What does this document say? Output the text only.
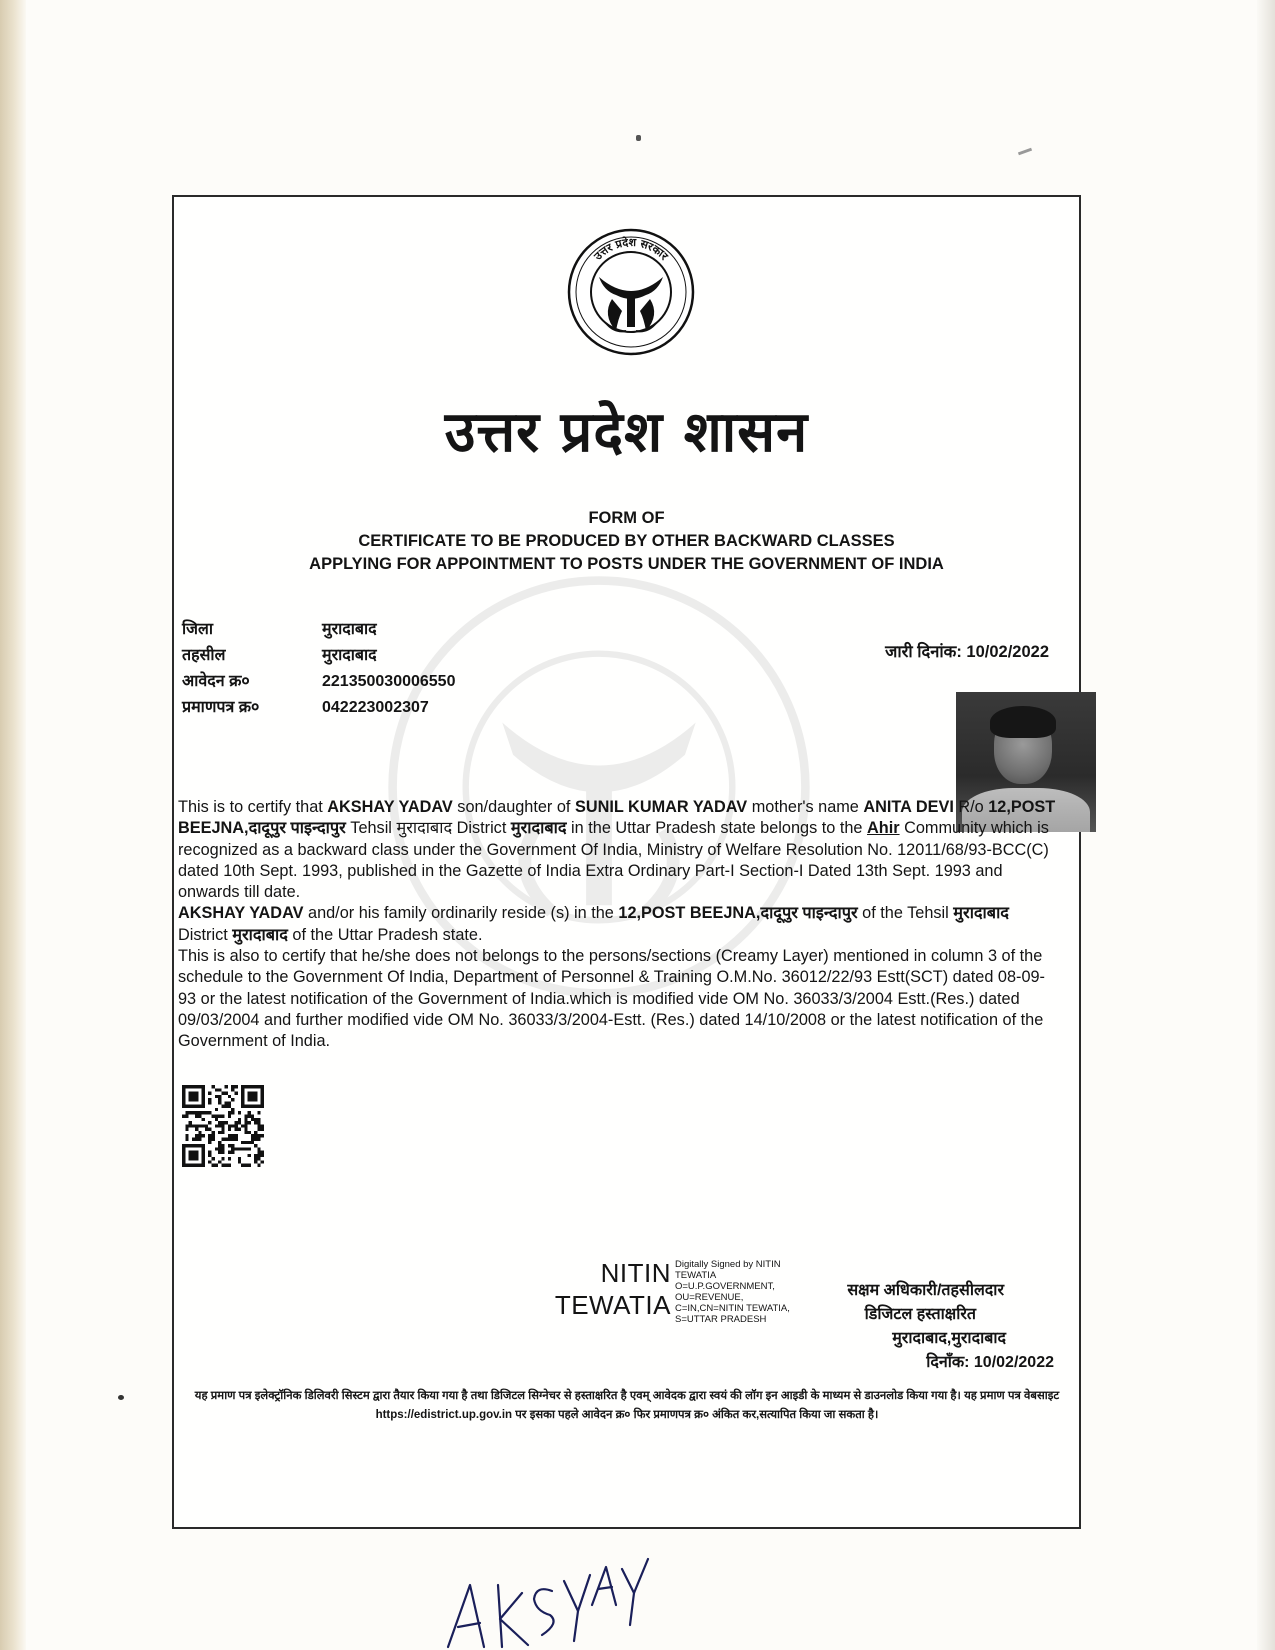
उत्तर प्रदेश सरकार
उत्तर प्रदेश शासन
FORM OF
CERTIFICATE TO BE PRODUCED BY OTHER BACKWARD CLASSES
APPLYING FOR APPOINTMENT TO POSTS UNDER THE GOVERNMENT OF INDIA
जिला	मुरादाबाद
तहसील	मुरादाबाद
आवेदन क्र०	221350030006550
प्रमाणपत्र क्र०	042223002307
जारी दिनांक: 10/02/2022

This is to certify that AKSHAY YADAV son/daughter of SUNIL KUMAR YADAV mother's name ANITA DEVI R/o 12,POST BEEJNA,दादूपुर पाइन्दापुर Tehsil मुरादाबाद District मुरादाबाद in the Uttar Pradesh state belongs to the Ahir Community which is recognized as a backward class under the Government Of India, Ministry of Welfare Resolution No. 12011/68/93-BCC(C) dated 10th Sept. 1993, published in the Gazette of India Extra Ordinary Part-I Section-I Dated 13th Sept. 1993 and onwards till date.

AKSHAY YADAV and/or his family ordinarily reside (s) in the 12,POST BEEJNA,दादूपुर पाइन्दापुर of the Tehsil मुरादाबाद District मुरादाबाद of the Uttar Pradesh state.

This is also to certify that he/she does not belongs to the persons/sections (Creamy Layer) mentioned in column 3 of the schedule to the Government Of India, Department of Personnel & Training O.M.No. 36012/22/93 Estt(SCT) dated 08-09-93 or the latest notification of the Government of India.which is modified vide OM No. 36033/3/2004 Estt.(Res.) dated 09/03/2004 and further modified vide OM No. 36033/3/2004-Estt. (Res.) dated 14/10/2008 or the latest notification of the Government of India.

NITIN
TEWATIA
Digitally Signed by NITIN
TEWATIA
O=U.P.GOVERNMENT,
OU=REVENUE,
C=IN,CN=NITIN TEWATIA,
S=UTTAR PRADESH
सक्षम अधिकारी/तहसीलदार
डिजिटल हस्ताक्षरित
मुरादाबाद,मुरादाबाद
दिनाँक: 10/02/2022
यह प्रमाण पत्र इलेक्ट्रॉनिक डिलिवरी सिस्टम द्वारा तैयार किया गया है तथा डिजिटल सिग्नेचर से हस्ताक्षरित है एवम् आवेदक द्वारा स्वयं की लॉग इन आइडी के माध्यम से डाउनलोड किया गया है। यह प्रमाण पत्र वेबसाइट https://edistrict.up.gov.in पर इसका पहले आवेदन क्र० फिर प्रमाणपत्र क्र० अंकित कर,सत्यापित किया जा सकता है।
